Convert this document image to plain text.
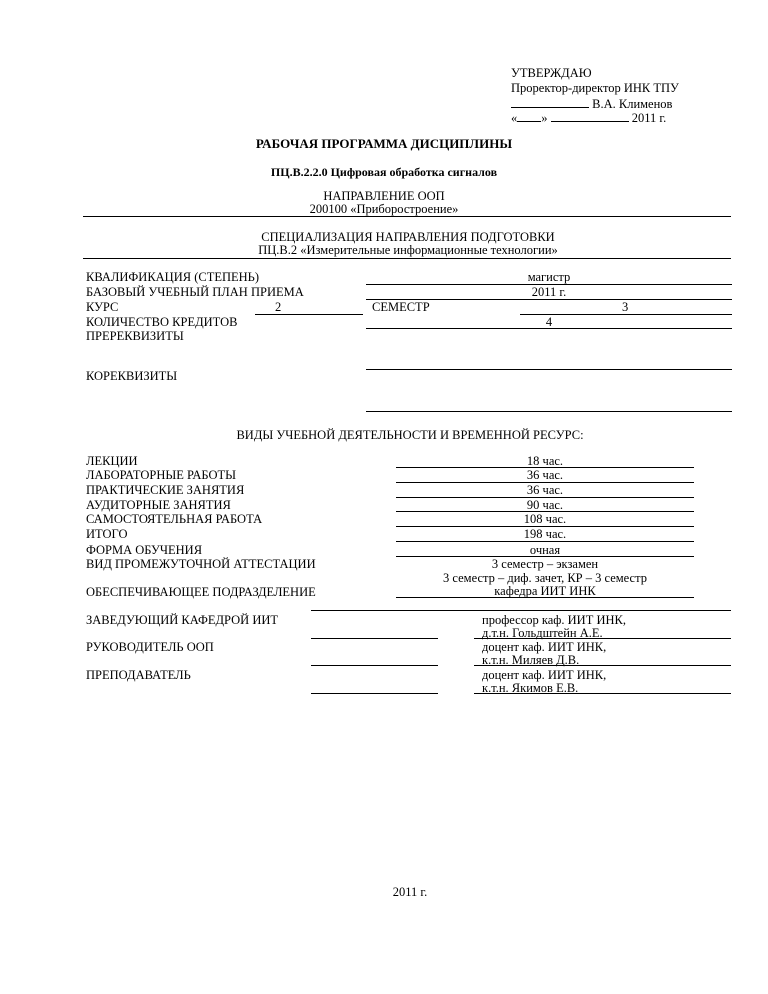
УТВЕРЖДАЮ
Проректор-директор ИНК ТПУ
В.А. Клименов
« »	2011 г.
РАБОЧАЯ ПРОГРАММА ДИСЦИПЛИНЫ
ПЦ.В.2.2.0 Цифровая обработка сигналов
НАПРАВЛЕНИЕ ООП
200100 «Приборостроение»
СПЕЦИАЛИЗАЦИЯ НАПРАВЛЕНИЯ ПОДГОТОВКИ
ПЦ.В.2 «Измерительные информационные технологии»
КВАЛИФИКАЦИЯ (СТЕПЕНЬ)	магистр
БАЗОВЫЙ УЧЕБНЫЙ ПЛАН ПРИЕМА	2011 г.
КУРС	2	СЕМЕСТР	3
КОЛИЧЕСТВО КРЕДИТОВ	4
ПРЕРЕКВИЗИТЫ
КОРЕКВИЗИТЫ
ВИДЫ УЧЕБНОЙ ДЕЯТЕЛЬНОСТИ И ВРЕМЕННОЙ РЕСУРС:
ЛЕКЦИИ	18 час.
ЛАБОРАТОРНЫЕ РАБОТЫ	36 час.
ПРАКТИЧЕСКИЕ ЗАНЯТИЯ	36 час.
АУДИТОРНЫЕ ЗАНЯТИЯ	90 час.
САМОСТОЯТЕЛЬНАЯ РАБОТА	108 час.
ИТОГО	198 час.
ФОРМА ОБУЧЕНИЯ	очная
ВИД ПРОМЕЖУТОЧНОЙ АТТЕСТАЦИИ	3 семестр – экзамен
3 семестр – диф. зачет, КР – 3 семестр
ОБЕСПЕЧИВАЮЩЕЕ ПОДРАЗДЕЛЕНИЕ	кафедра ИИТ ИНК
ЗАВЕДУЮЩИЙ КАФЕДРОЙ ИИТ	профессор каф. ИИТ ИНК,
д.т.н. Гольдштейн А.Е.
РУКОВОДИТЕЛЬ ООП	доцент каф. ИИТ ИНК,
к.т.н. Миляев Д.В.
ПРЕПОДАВАТЕЛЬ	доцент каф. ИИТ ИНК,
к.т.н. Якимов Е.В.
2011 г.
